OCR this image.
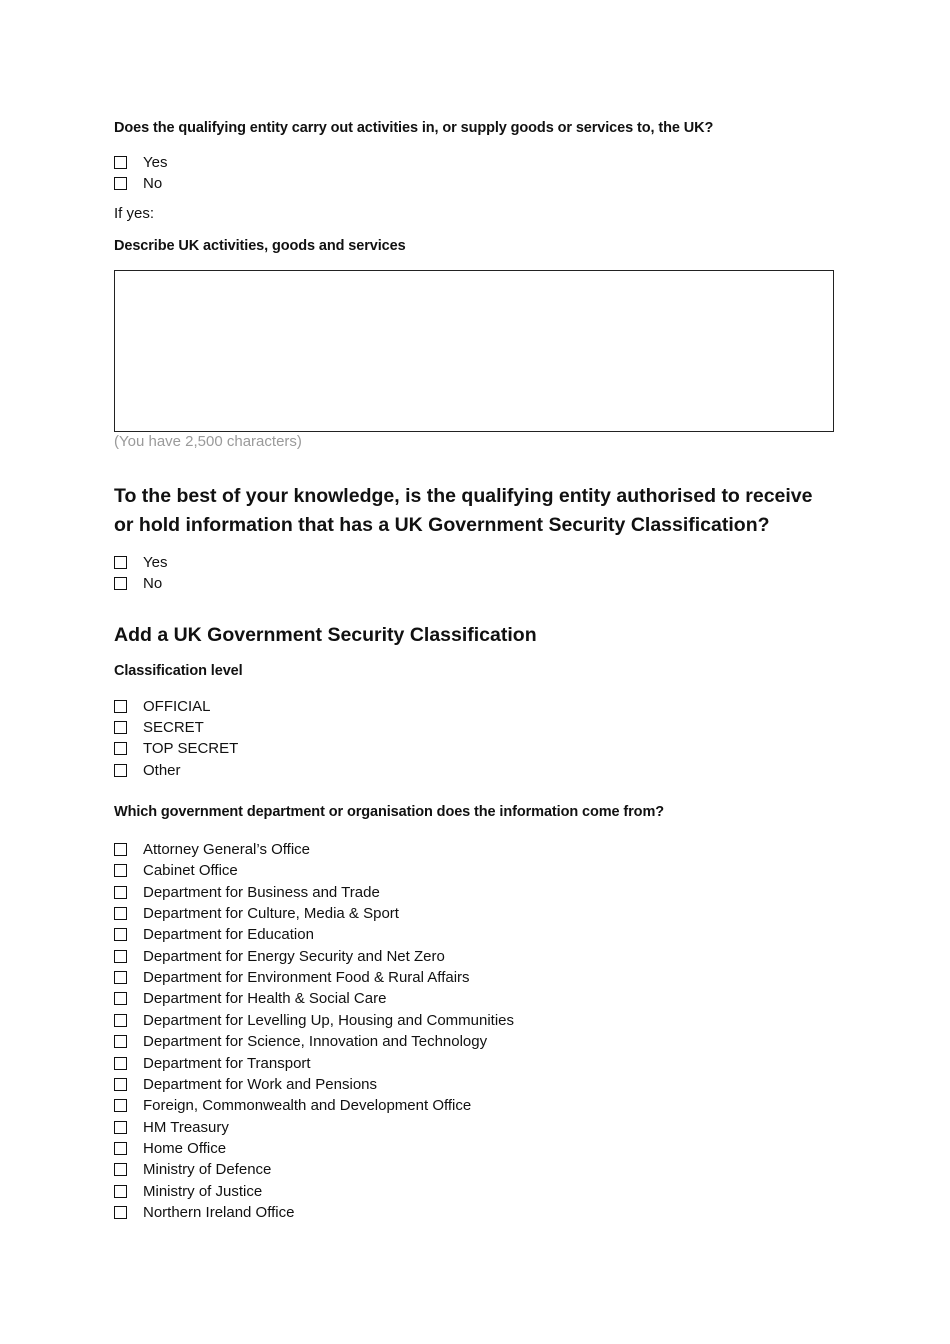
Does the qualifying entity carry out activities in, or supply goods or services to, the UK?
Yes
No
If yes:
Describe UK activities, goods and services
(You have 2,500 characters)
To the best of your knowledge, is the qualifying entity authorised to receive or hold information that has a UK Government Security Classification?
Yes
No
Add a UK Government Security Classification
Classification level
OFFICIAL
SECRET
TOP SECRET
Other
Which government department or organisation does the information come from?
Attorney General’s Office
Cabinet Office
Department for Business and Trade
Department for Culture, Media & Sport
Department for Education
Department for Energy Security and Net Zero
Department for Environment Food & Rural Affairs
Department for Health & Social Care
Department for Levelling Up, Housing and Communities
Department for Science, Innovation and Technology
Department for Transport
Department for Work and Pensions
Foreign, Commonwealth and Development Office
HM Treasury
Home Office
Ministry of Defence
Ministry of Justice
Northern Ireland Office
